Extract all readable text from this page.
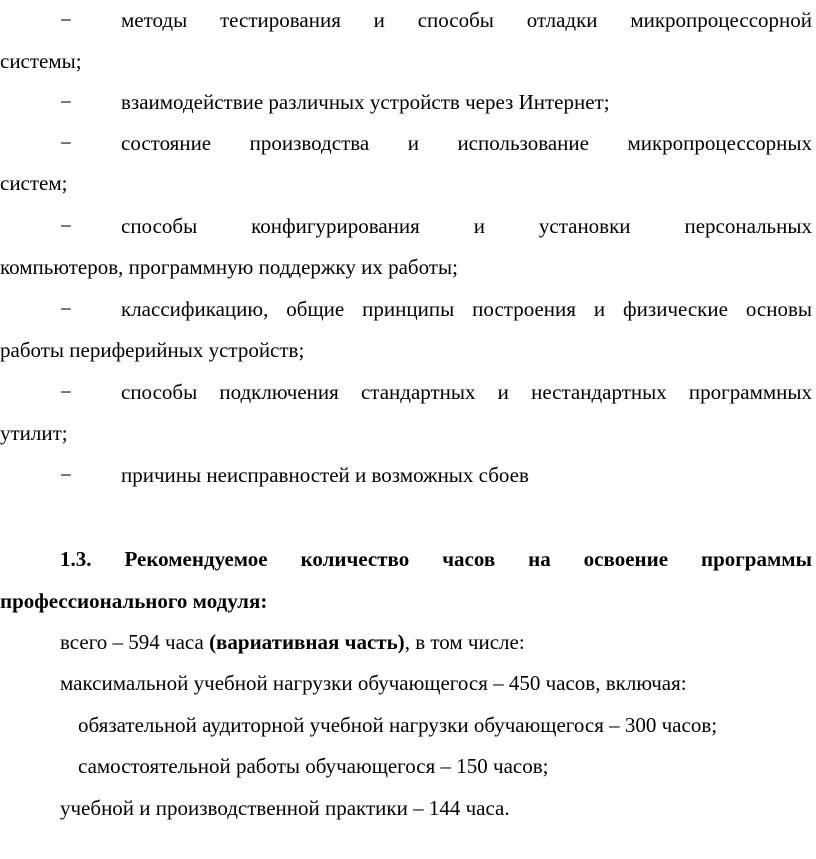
− методы тестирования и способы отладки микропроцессорной
системы;
− взаимодействие различных устройств через Интернет;
− состояние производства и использование микропроцессорных
систем;
− способы конфигурирования и установки персональных
компьютеров, программную поддержку их работы;
− классификацию, общие принципы построения и физические основы
работы периферийных устройств;
− способы подключения стандартных и нестандартных программных
утилит;
− причины неисправностей и возможных сбоев
1.3. Рекомендуемое количество часов на освоение программы
профессионального модуля:
всего – 594 часа (вариативная часть), в том числе:
максимальной учебной нагрузки обучающегося – 450 часов, включая:
обязательной аудиторной учебной нагрузки обучающегося – 300 часов;
самостоятельной работы обучающегося – 150 часов;
учебной и производственной практики – 144 часа.
